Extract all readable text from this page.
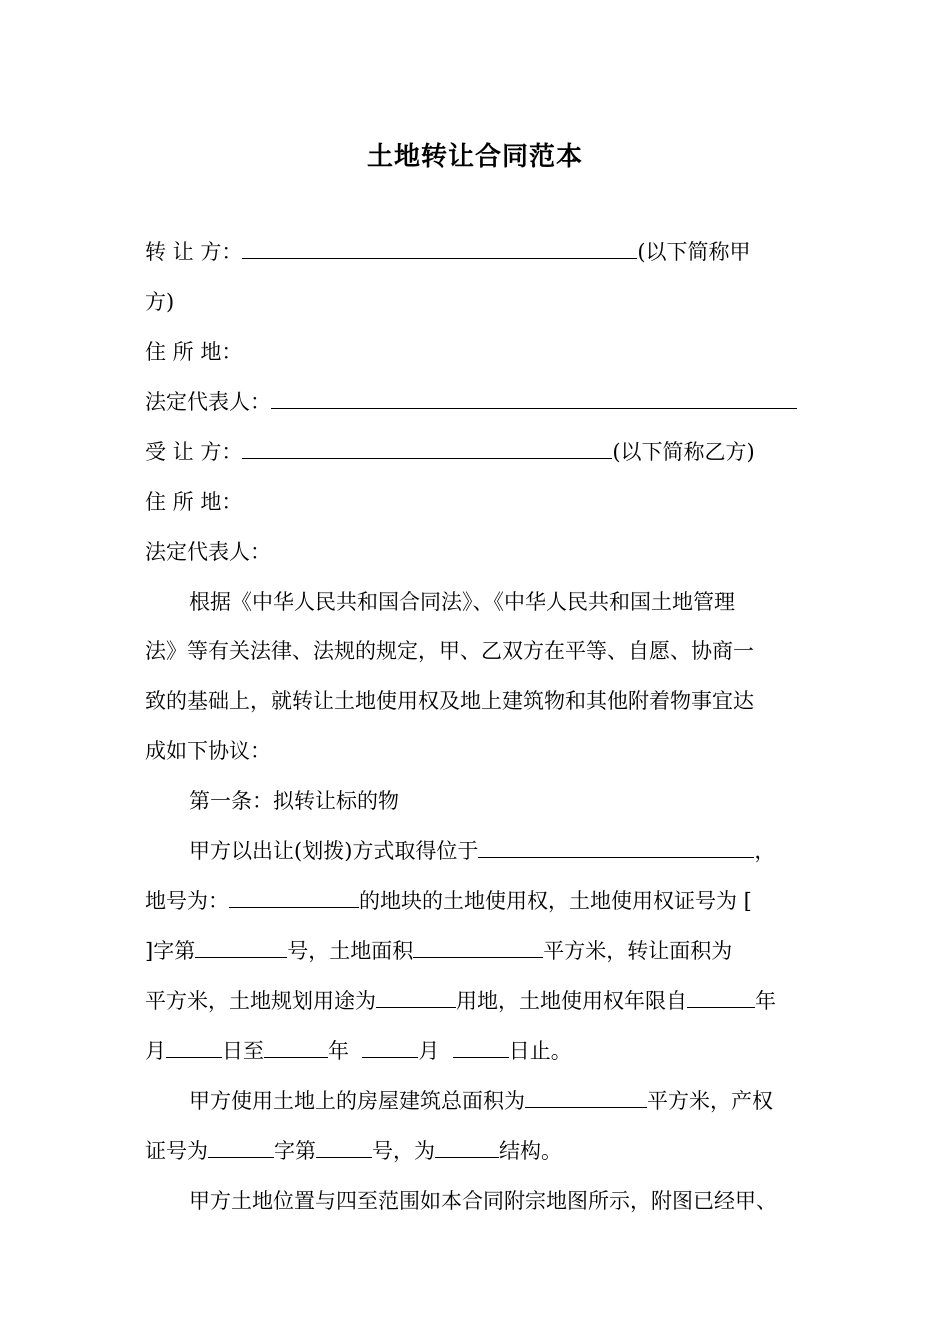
土地转让合同范本
转 让 方：	(以下简称甲
方)
住 所 地：
法定代表人：
受 让 方：	(以下简称乙方)
住 所 地：
法定代表人：
根据《中华人民共和国合同法》、《中华人民共和国土地管理
法》等有关法律、法规的规定，甲、乙双方在平等、自愿、协商一
致的基础上，就转让土地使用权及地上建筑物和其他附着物事宜达
成如下协议：
第一条：拟转让标的物
甲方以出让(划拨)方式取得位于	，
地号为：	的地块的土地使用权，土地使用权证号为 [
]字第	号，土地面积	平方米，转让面积为
平方米，土地规划用途为	用地，土地使用权年限自	年
月	日至	年	月	日止。
甲方使用土地上的房屋建筑总面积为	平方米，产权
证号为	字第	号，为	结构。
甲方土地位置与四至范围如本合同附宗地图所示，附图已经甲、
